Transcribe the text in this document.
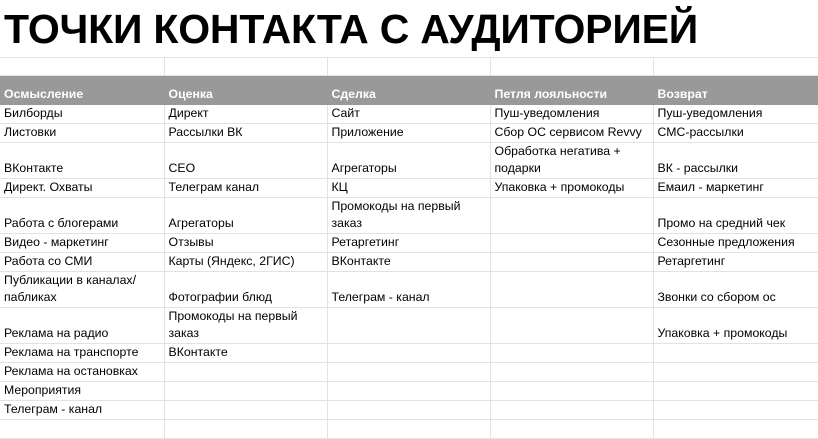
ТОЧКИ КОНТАКТА С АУДИТОРИЕЙ

Осмысление	Оценка	Сделка	Петля лояльности	Возврат
Билборды	Директ	Сайт	Пуш-уведомления	Пуш-уведомления
Листовки	Рассылки ВК	Приложение	Сбор ОС сервисом Revvy	СМС-рассылки
ВКонтакте	СЕО	Агрегаторы	Обработка негатива + подарки	ВК - рассылки
Директ. Охваты	Телеграм канал	КЦ	Упаковка + промокоды	Емаил - маркетинг
Работа с блогерами	Агрегаторы	Промокоды на первый заказ		Промо на средний чек
Видео - маркетинг	Отзывы	Ретаргетинг		Сезонные предложения
Работа со СМИ	Карты (Яндекс, 2ГИС)	ВКонтакте		Ретаргетинг
Публикации в каналах/ пабликах	Фотографии блюд	Телеграм - канал		Звонки со сбором ос
Реклама на радио	Промокоды на первый заказ			Упаковка + промокоды
Реклама на транспорте	ВКонтакте			
Реклама на остановках				
Мероприятия				
Телеграм - канал				
